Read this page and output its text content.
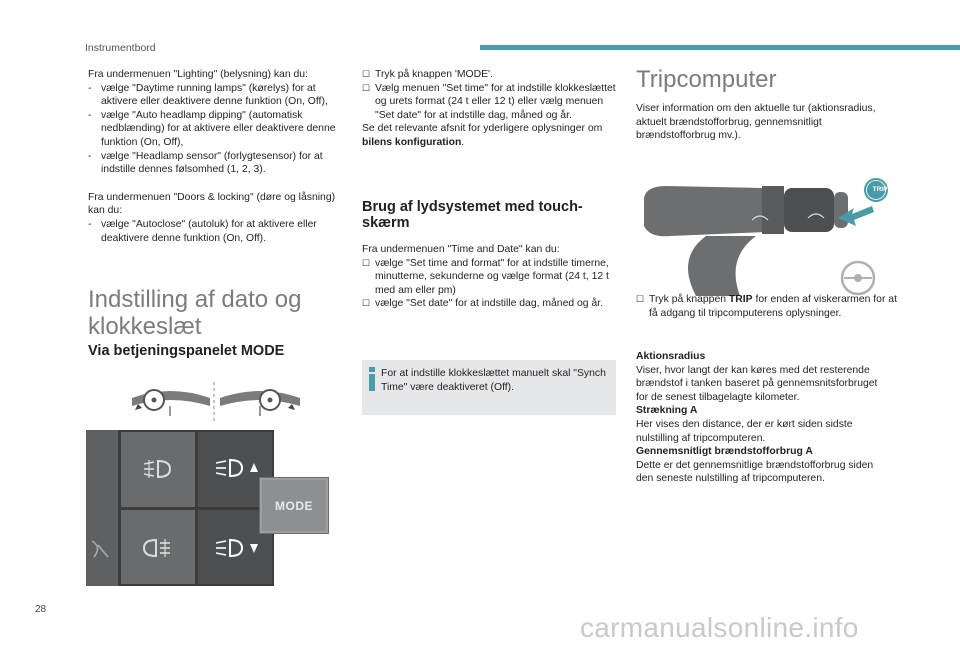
Instrumentbord

Fra undermenuen "Lighting" (belysning) kan du:

- vælge "Daytime running lamps" (kørelys) for at aktivere eller deaktivere denne funktion (On, Off),

- vælge "Auto headlamp dipping" (automatisk nedblænding) for at aktivere eller deaktivere denne funktion (On, Off),

- vælge "Headlamp sensor" (forlygtesensor) for at indstille dennes følsomhed (1, 2, 3).

Fra undermenuen "Doors & locking" (døre og låsning) kan du:

- vælge "Autoclose" (autoluk) for at aktivere eller deaktivere denne funktion (On, Off).

Indstilling af dato og klokkeslæt
Via betjeningspanelet MODE
MODE

☐ Tryk på knappen 'MODE'.

☐ Vælg menuen "Set time" for at indstille klokkeslættet og urets format (24 t eller 12 t) eller vælg menuen "Set date" for at indstille dag, måned og år.

Se det relevante afsnit for yderligere oplysninger om bilens konfiguration.

Brug af lydsystemet med touch-skærm

Fra undermenuen "Time and Date" kan du:

☐ vælge "Set time and format" for at indstille timerne, minutterne, sekunderne og vælge format (24 t, 12 t med am eller pm)

☐ vælge "Set date" for at indstille dag, måned og år.

For at indstille klokkeslættet manuelt skal "Synch Time" være deaktiveret (Off).

Tripcomputer

Viser information om den aktuelle tur (aktionsradius, aktuelt brændstofforbrug, gennemsnitligt brændstofforbrug mv.).

TRIP

☐ Tryk på knappen TRIP for enden af viskerarmen for at få adgang til tripcomputerens oplysninger.

Aktionsradius

Viser, hvor langt der kan køres med det resterende brændstof i tanken baseret på gennemsnitsforbruget for de senest tilbagelagte kilometer.

Strækning A

Her vises den distance, der er kørt siden sidste nulstilling af tripcomputeren.

Gennemsnitligt brændstofforbrug A

Dette er det gennemsnitlige brændstofforbrug siden den seneste nulstilling af tripcomputeren.

28
carmanualsonline.info
